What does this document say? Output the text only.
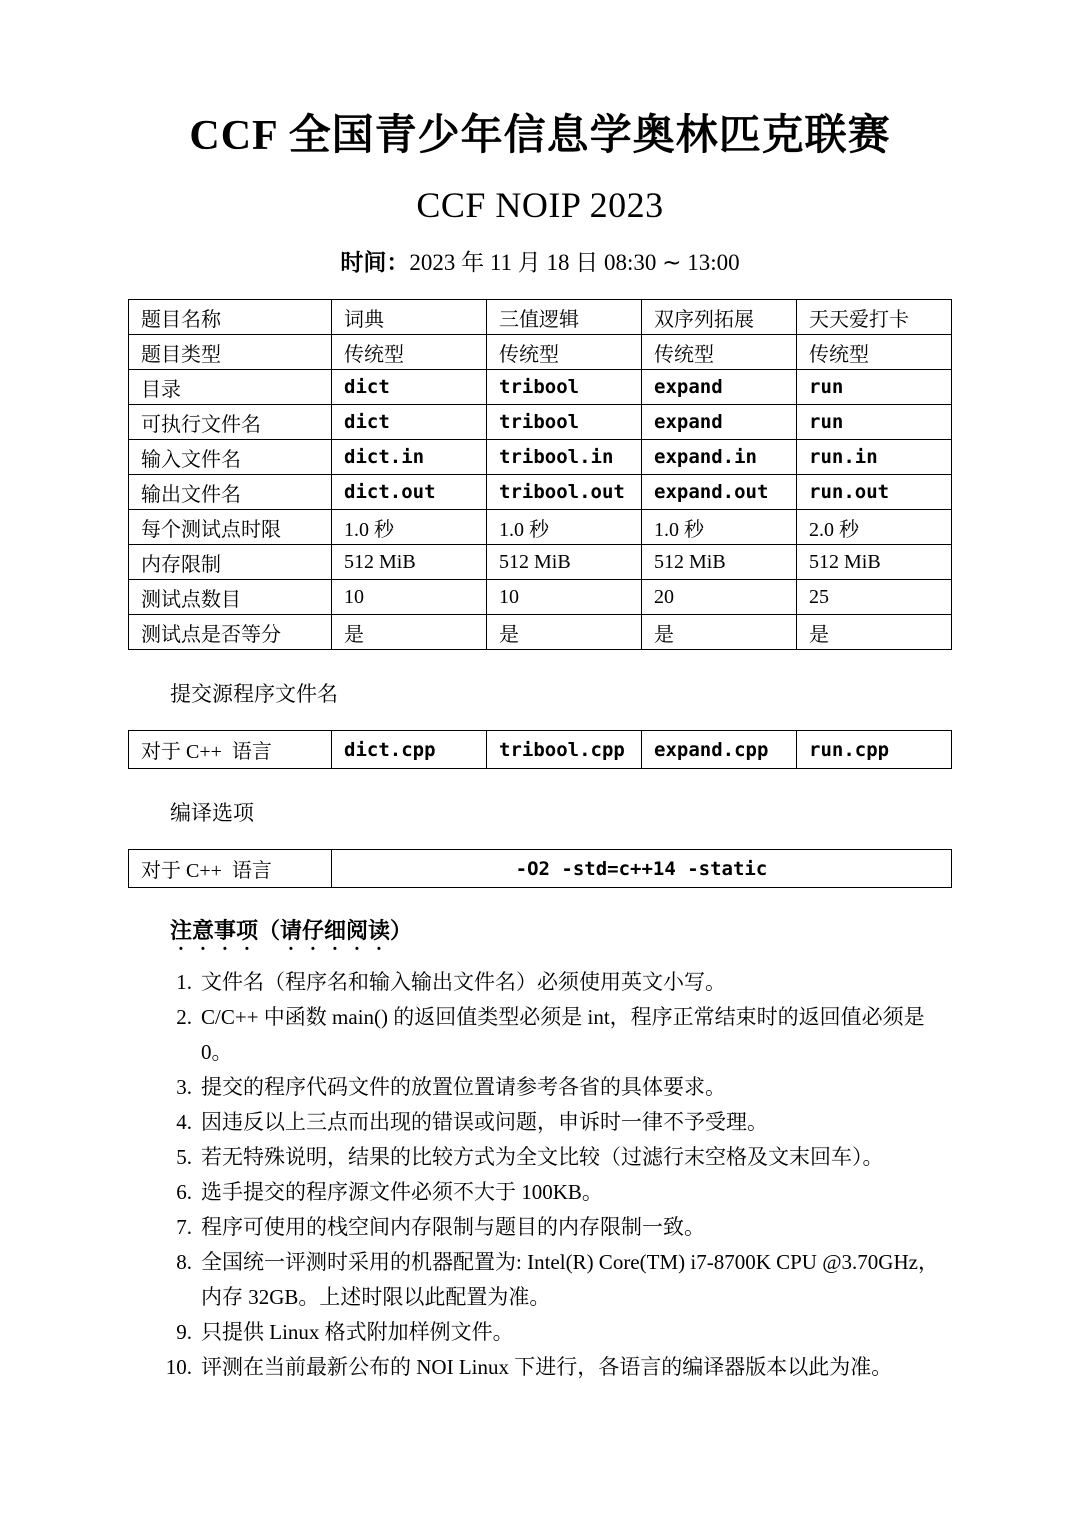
CCF 全国青少年信息学奥林匹克联赛
CCF NOIP 2023
时间：2023 年 11 月 18 日 08:30 ∼ 13:00
题目名称	词典	三值逻辑	双序列拓展	天天爱打卡
题目类型	传统型	传统型	传统型	传统型
目录	dict	tribool	expand	run
可执行文件名	dict	tribool	expand	run
输入文件名	dict.in	tribool.in	expand.in	run.in
输出文件名	dict.out	tribool.out	expand.out	run.out
每个测试点时限	1.0 秒	1.0 秒	1.0 秒	2.0 秒
内存限制	512 MiB	512 MiB	512 MiB	512 MiB
测试点数目	10	10	20	25
测试点是否等分	是	是	是	是
提交源程序文件名
对于 C++  语言	dict.cpp	tribool.cpp	expand.cpp	run.cpp
编译选项
对于 C++  语言	-O2 -std=c++14 -static
注意事项（请仔细阅读）
1. 文件名（程序名和输入输出文件名）必须使用英文小写。
2. C/C++ 中函数 main() 的返回值类型必须是 int，程序正常结束时的返回值必须是 0。
3. 提交的程序代码文件的放置位置请参考各省的具体要求。
4. 因违反以上三点而出现的错误或问题，申诉时一律不予受理。
5. 若无特殊说明，结果的比较方式为全文比较（过滤行末空格及文末回车）。
6. 选手提交的程序源文件必须不大于 100KB。
7. 程序可使用的栈空间内存限制与题目的内存限制一致。
8. 全国统一评测时采用的机器配置为: Intel(R) Core(TM) i7-8700K CPU @3.70GHz，内存 32GB。上述时限以此配置为准。
9. 只提供 Linux 格式附加样例文件。
10. 评测在当前最新公布的 NOI Linux 下进行，各语言的编译器版本以此为准。
